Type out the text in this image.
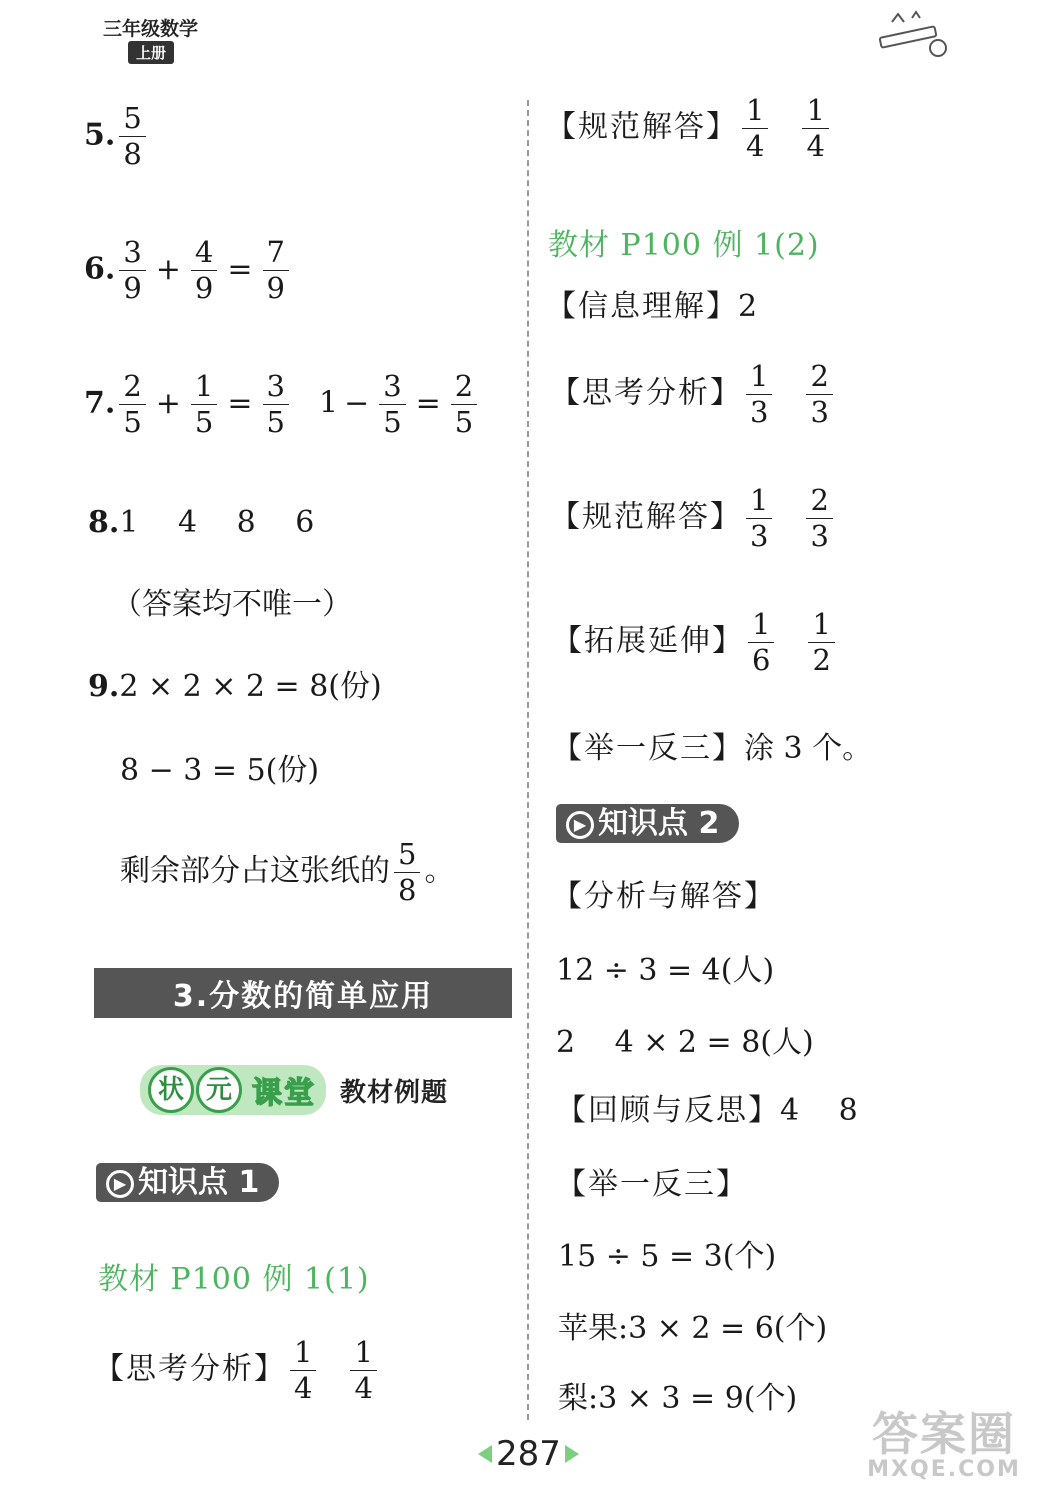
三年级数学
上册
5. $\frac{5}{8}$
6. $\frac{3}{9} + \frac{4}{9} = \frac{7}{9}$
7. $\frac{2}{5} + \frac{1}{5} = \frac{3}{5} 1 - \frac{3}{5} = \frac{2}{5}$
8.1　 4　 8　 6
（答案均不唯一）
9.2 × 2 × 2 = 8(份)
8 − 3 = 5(份)
剩余部分占这张纸的 $\frac{5}{8}$ 。
3.分数的简单应用
状 元 课堂 教材例题
▶ 知识点 1
教材 P100 例 1(1)
【思考分析】 $\frac{1}{4} \frac{1}{4}$
【规范解答】 $\frac{1}{4} \frac{1}{4}$
教材 P100 例 1(2)
【信息理解】2
【思考分析】 $\frac{1}{3} \frac{2}{3}$
【规范解答】 $\frac{1}{3} \frac{2}{3}$
【拓展延伸】 $\frac{1}{6} \frac{1}{2}$
【举一反三】涂 3 个。
▶ 知识点 2
【分析与解答】
12 ÷ 3 = 4(人)
2　 4 × 2 = 8(人)
【回顾与反思】4　 8
【举一反三】
15 ÷ 5 = 3(个)
苹果:3 × 2 = 6(个)
梨:3 × 3 = 9(个)
287	答案圈
MXQE.COM
